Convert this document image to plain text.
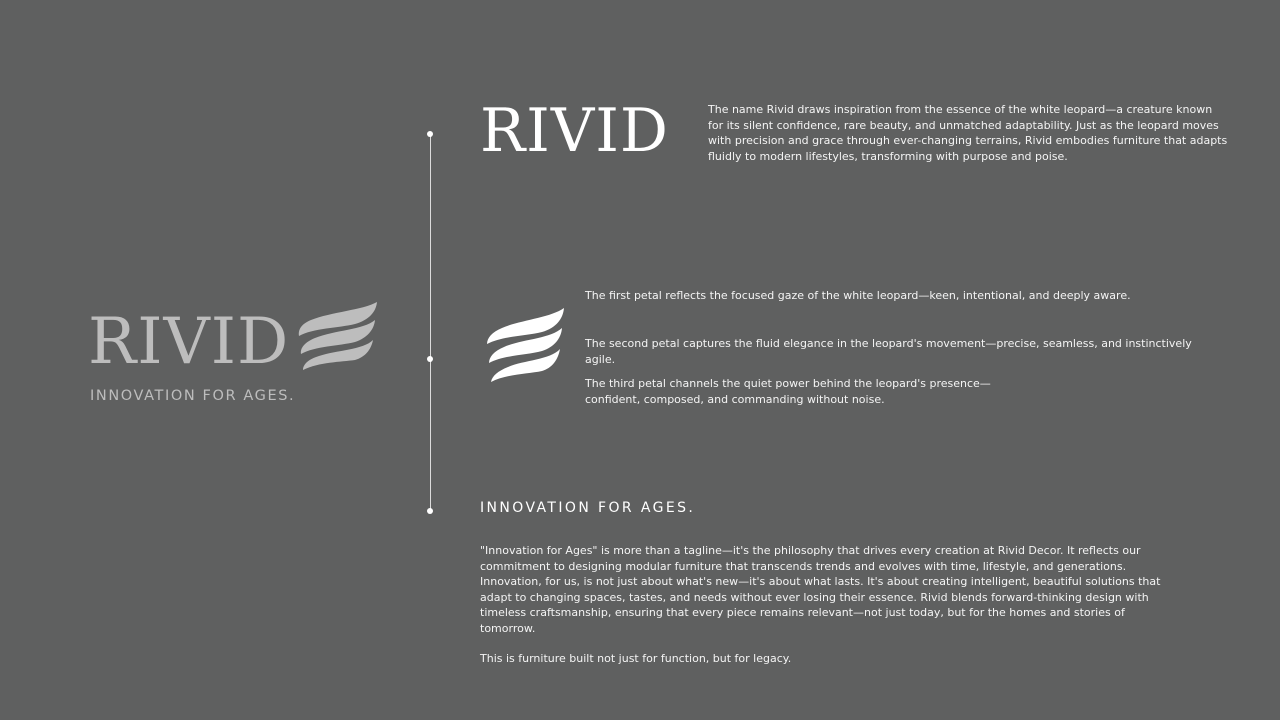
RIVID
INNOVATION FOR AGES.
RIVID	The name Rivid draws inspiration from the essence of the white leopard—a creature known for its silent confidence, rare beauty, and unmatched adaptability. Just as the leopard moves with precision and grace through ever-changing terrains, Rivid embodies furniture that adapts fluidly to modern lifestyles, transforming with purpose and poise.
The first petal reflects the focused gaze of the white leopard—keen, intentional, and deeply aware.
The second petal captures the fluid elegance in the leopard's movement—precise, seamless, and instinctively agile.
The third petal channels the quiet power behind the leopard's presence—confident, composed, and commanding without noise.
INNOVATION FOR AGES.

"Innovation for Ages" is more than a tagline—it's the philosophy that drives every creation at Rivid Decor. It reflects our commitment to designing modular furniture that transcends trends and evolves with time, lifestyle, and generations. Innovation, for us, is not just about what's new—it's about what lasts. It's about creating intelligent, beautiful solutions that adapt to changing spaces, tastes, and needs without ever losing their essence. Rivid blends forward-thinking design with timeless craftsmanship, ensuring that every piece remains relevant—not just today, but for the homes and stories of tomorrow.

This is furniture built not just for function, but for legacy.
